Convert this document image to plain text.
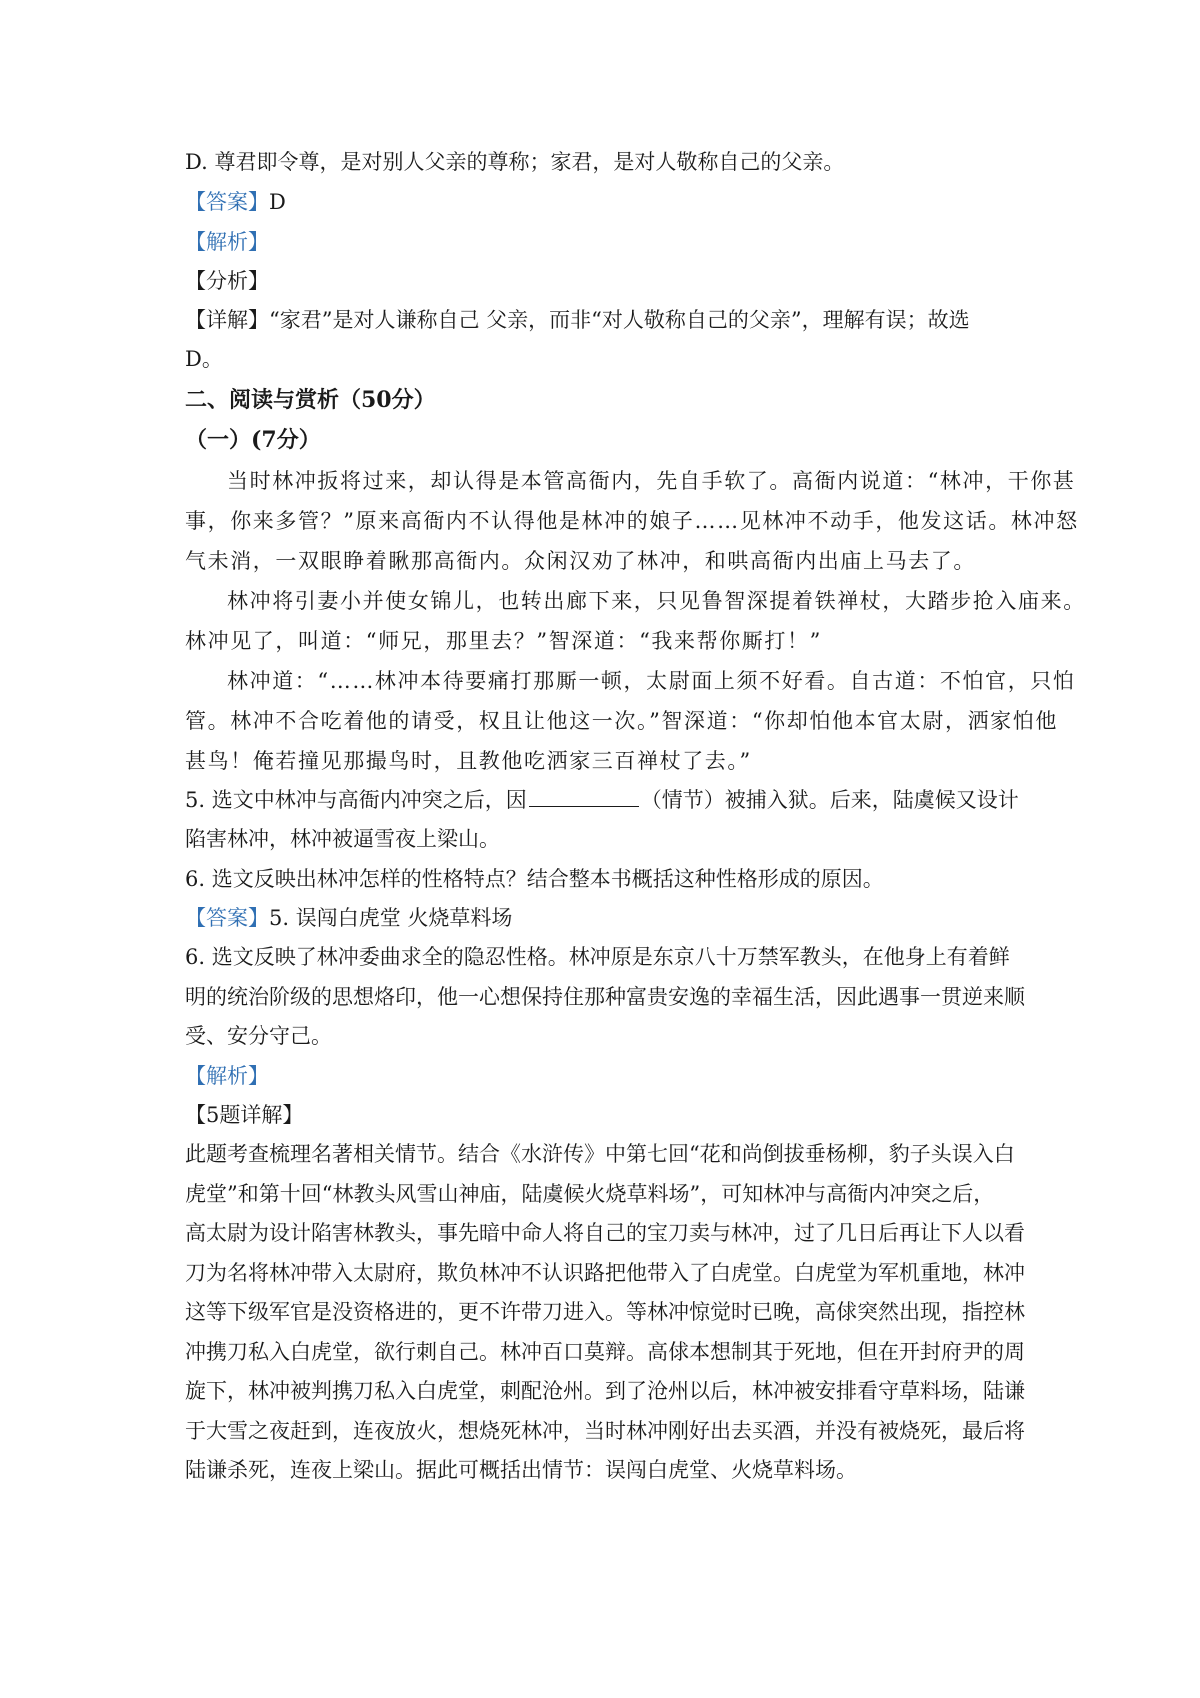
D. 尊君即令尊，是对别人父亲的尊称；家君，是对人敬称自己的父亲。
【答案】D
【解析】
【分析】
【详解】“家君”是对人谦称自己 父亲，而非“对人敬称自己的父亲”，理解有误；故选
D。
二、阅读与赏析（50分）
（一）(7分）
当时林冲扳将过来，却认得是本管高衙内，先自手软了。高衙内说道：“林冲，干你甚
事，你来多管？”原来高衙内不认得他是林冲的娘子……见林冲不动手，他发这话。林冲怒
气未消，一双眼睁着瞅那高衙内。众闲汉劝了林冲，和哄高衙内出庙上马去了。
林冲将引妻小并使女锦儿，也转出廊下来，只见鲁智深提着铁禅杖，大踏步抢入庙来。
林冲见了，叫道：“师兄，那里去？”智深道：“我来帮你厮打！”
林冲道：“……林冲本待要痛打那厮一顿，太尉面上须不好看。自古道：不怕官，只怕
管。林冲不合吃着他的请受，权且让他这一次。”智深道：“你却怕他本官太尉，洒家怕他
甚鸟！俺若撞见那撮鸟时，且教他吃洒家三百禅杖了去。”
5. 选文中林冲与高衙内冲突之后，因	（情节）被捕入狱。后来，陆虞候又设计
陷害林冲，林冲被逼雪夜上梁山。
6. 选文反映出林冲怎样的性格特点？结合整本书概括这种性格形成的原因。
【答案】5. 误闯白虎堂 火烧草料场
6. 选文反映了林冲委曲求全的隐忍性格。林冲原是东京八十万禁军教头，在他身上有着鲜
明的统治阶级的思想烙印，他一心想保持住那种富贵安逸的幸福生活，因此遇事一贯逆来顺
受、安分守己。
【解析】
【5题详解】
此题考查梳理名著相关情节。结合《水浒传》中第七回“花和尚倒拔垂杨柳，豹子头误入白
虎堂”和第十回“林教头风雪山神庙，陆虞候火烧草料场”，可知林冲与高衙内冲突之后，
高太尉为设计陷害林教头，事先暗中命人将自己的宝刀卖与林冲，过了几日后再让下人以看
刀为名将林冲带入太尉府，欺负林冲不认识路把他带入了白虎堂。白虎堂为军机重地，林冲
这等下级军官是没资格进的，更不许带刀进入。等林冲惊觉时已晚，高俅突然出现，指控林
冲携刀私入白虎堂，欲行刺自己。林冲百口莫辩。高俅本想制其于死地，但在开封府尹的周
旋下，林冲被判携刀私入白虎堂，刺配沧州。到了沧州以后，林冲被安排看守草料场，陆谦
于大雪之夜赶到，连夜放火，想烧死林冲，当时林冲刚好出去买酒，并没有被烧死，最后将
陆谦杀死，连夜上梁山。据此可概括出情节：误闯白虎堂、火烧草料场。
